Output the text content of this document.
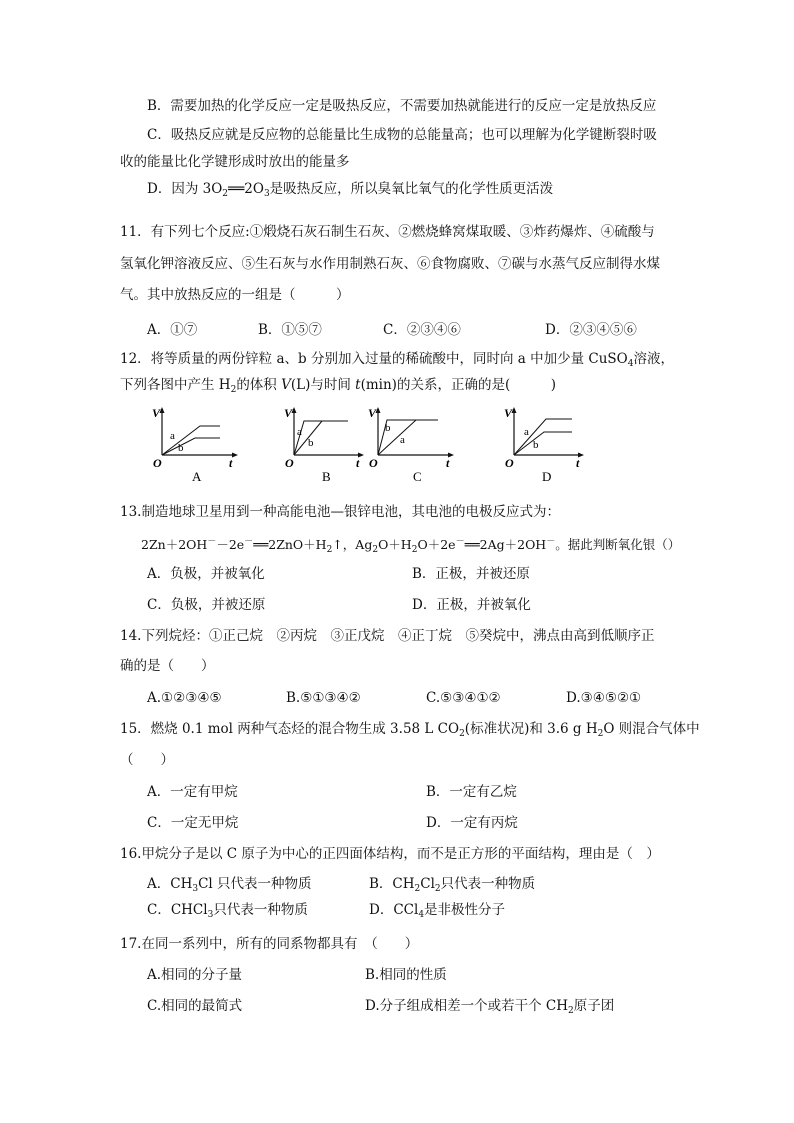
B．需要加热的化学反应一定是吸热反应，不需要加热就能进行的反应一定是放热反应
C．吸热反应就是反应物的总能量比生成物的总能量高；也可以理解为化学键断裂时吸
收的能量比化学键形成时放出的能量多
D．因为 $3O_2══2O_3$是吸热反应，所以臭氧比氧气的化学性质更活泼
11．有下列七个反应:①煅烧石灰石制生石灰、②燃烧蜂窝煤取暖、③炸药爆炸、④硫酸与
氢氧化钾溶液反应、⑤生石灰与水作用制熟石灰、⑥食物腐败、⑦碳与水蒸气反应制得水煤
气。其中放热反应的一组是（　　　）
A．①⑦	B．①⑤⑦	C．②③④⑥	D．②③④⑤⑥
12．将等质量的两份锌粒 a、b 分别加入过量的稀硫酸中，同时向 a 中加少量 CuSO$_4$溶液，
下列各图中产生 $H_2$的体积 V(L)与时间 t(min)的关系，正确的是(　　　)
V
O	t
a
b
A
V
O	t
a
b
B
V
O	t
b
a
C
V
O	t
a
b
D
13.制造地球卫星用到一种高能电池—银锌电池，其电池的电极反应式为：
$2Zn+2OH^--2e^-══2ZnO+H_2↑$，$Ag_2O+H_2O+2e^-══2Ag+2OH^-$。据此判断氧化银（）
A．负极，并被氧化	B．正极，并被还原
C．负极，并被还原	D．正极，并被氧化
14.下列烷烃：①正己烷　②丙烷　③正戊烷　④正丁烷　⑤癸烷中，沸点由高到低顺序正
确的是（　　）
A.①②③④⑤	B.⑤①③④②	C.⑤③④①②	D.③④⑤②①
15．燃烧 0.1 mol 两种气态烃的混合物生成 3.58 L $CO_2$(标准状况)和 3.6 g $H_2O$ 则混合气体中
（　　）
A．一定有甲烷	B．一定有乙烷
C．一定无甲烷	D．一定有丙烷
16.甲烷分子是以 C 原子为中心的正四面体结构，而不是正方形的平面结构，理由是（　）
A．$CH_3Cl$ 只代表一种物质	B．$CH_2Cl_2$只代表一种物质
C．CHCl$_3$只代表一种物质	D．CCl$_4$是非极性分子
17.在同一系列中，所有的同系物都具有　（　　）
A.相同的分子量	B.相同的性质
C.相同的最简式	D.分子组成相差一个或若干个 $CH_2$原子团
